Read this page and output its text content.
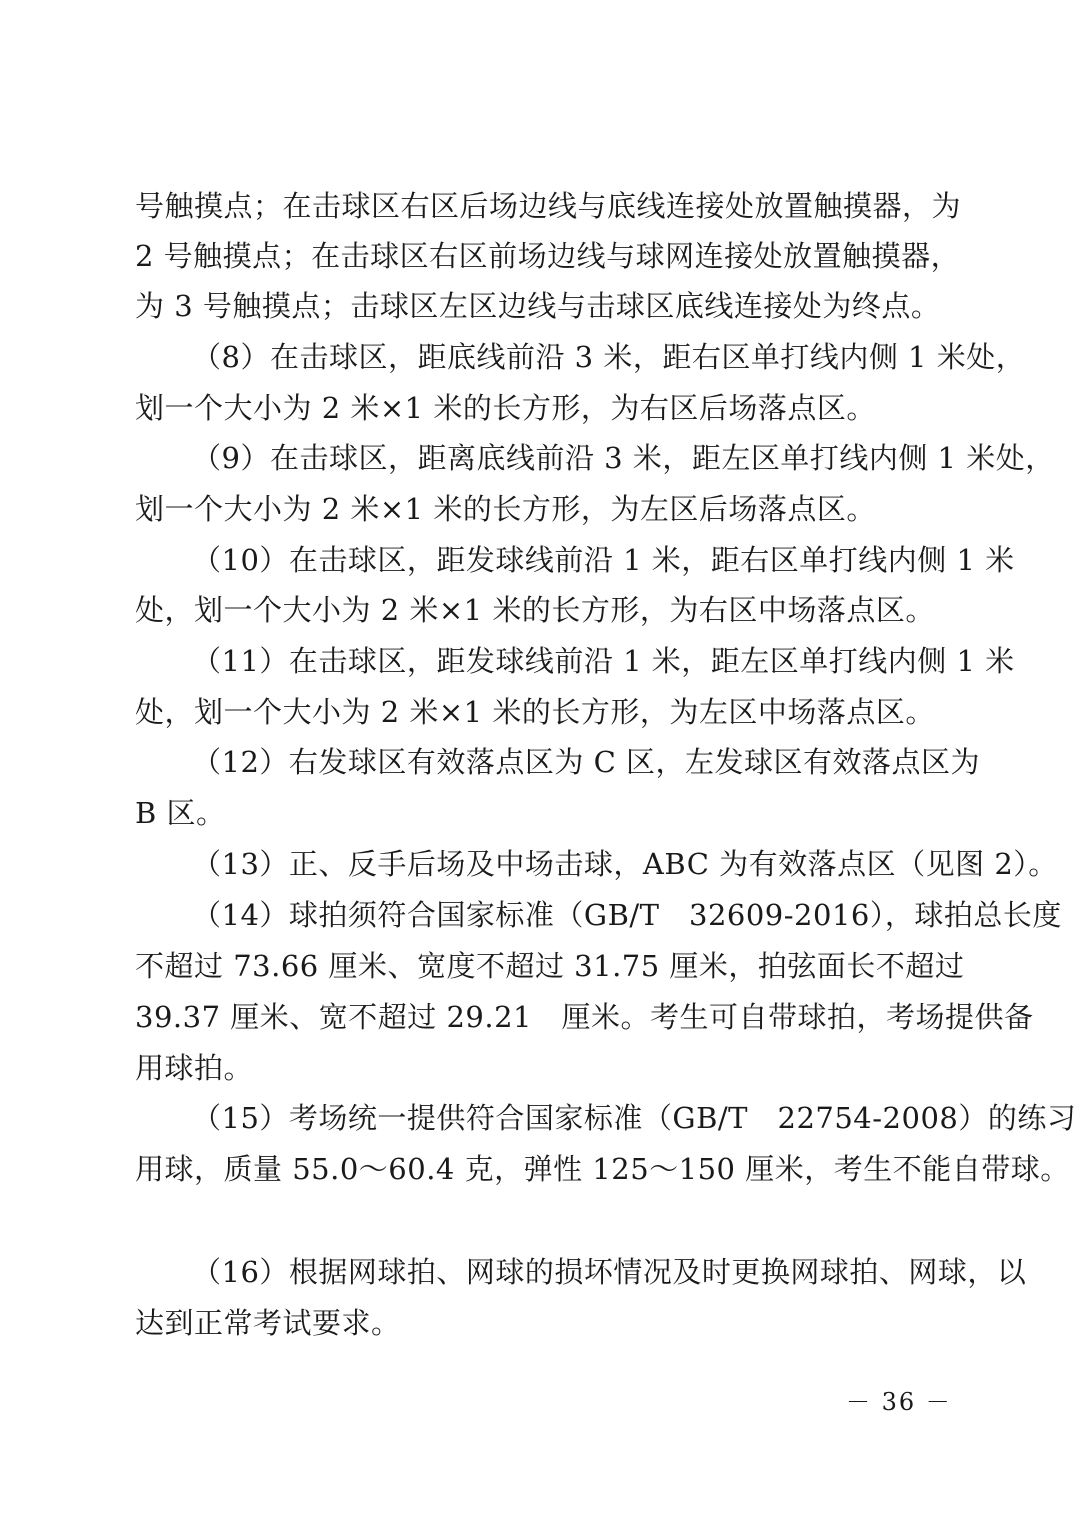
号触摸点；在击球区右区后场边线与底线连接处放置触摸器，为
2 号触摸点；在击球区右区前场边线与球网连接处放置触摸器，
为 3 号触摸点；击球区左区边线与击球区底线连接处为终点。
（8）在击球区，距底线前沿 3 米，距右区单打线内侧 1 米处，
划一个大小为 2 米×1 米的长方形，为右区后场落点区。
（9）在击球区，距离底线前沿 3 米，距左区单打线内侧 1 米处，
划一个大小为 2 米×1 米的长方形，为左区后场落点区。
（10）在击球区，距发球线前沿 1 米，距右区单打线内侧 1 米
处，划一个大小为 2 米×1 米的长方形，为右区中场落点区。
（11）在击球区，距发球线前沿 1 米，距左区单打线内侧 1 米
处，划一个大小为 2 米×1 米的长方形，为左区中场落点区。
（12）右发球区有效落点区为 C 区，左发球区有效落点区为
B 区。
（13）正、反手后场及中场击球，ABC 为有效落点区（见图 2）。
（14）球拍须符合国家标准（GB/T　32609-2016），球拍总长度
不超过 73.66 厘米、宽度不超过 31.75 厘米，拍弦面长不超过
39.37 厘米、宽不超过 29.21　厘米。考生可自带球拍，考场提供备
用球拍。
（15）考场统一提供符合国家标准（GB/T　22754-2008）的练习
用球，质量 55.0～60.4 克，弹性 125～150 厘米，考生不能自带球。
（16）根据网球拍、网球的损坏情况及时更换网球拍、网球，以
达到正常考试要求。
－ 36 －
